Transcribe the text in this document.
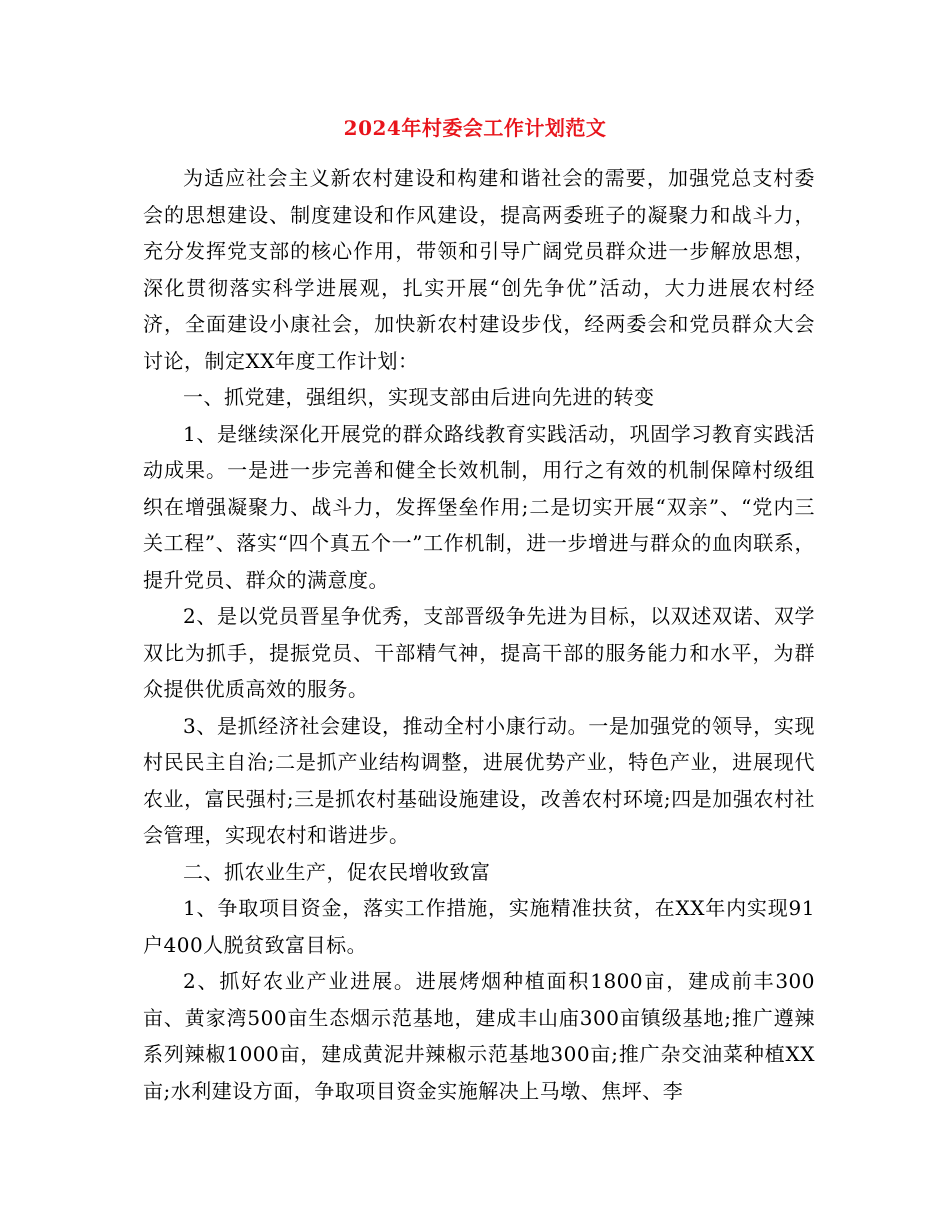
2024年村委会工作计划范文

为适应社会主义新农村建设和构建和谐社会的需要，加强党总支村委会的思想建设、制度建设和作风建设，提高两委班子的凝聚力和战斗力，充分发挥党支部的核心作用，带领和引导广阔党员群众进一步解放思想，深化贯彻落实科学进展观，扎实开展“创先争优”活动，大力进展农村经济，全面建设小康社会，加快新农村建设步伐，经两委会和党员群众大会讨论，制定XX年度工作计划：

一、抓党建，强组织，实现支部由后进向先进的转变

1、是继续深化开展党的群众路线教育实践活动，巩固学习教育实践活动成果。一是进一步完善和健全长效机制，用行之有效的机制保障村级组织在增强凝聚力、战斗力，发挥堡垒作用;二是切实开展“双亲”、“党内三关工程”、落实“四个真五个一”工作机制，进一步增进与群众的血肉联系，提升党员、群众的满意度。

2、是以党员晋星争优秀，支部晋级争先进为目标，以双述双诺、双学双比为抓手，提振党员、干部精气神，提高干部的服务能力和水平，为群众提供优质高效的服务。

3、是抓经济社会建设，推动全村小康行动。一是加强党的领导，实现村民民主自治;二是抓产业结构调整，进展优势产业，特色产业，进展现代农业，富民强村;三是抓农村基础设施建设，改善农村环境;四是加强农村社会管理，实现农村和谐进步。

二、抓农业生产，促农民增收致富

1、争取项目资金，落实工作措施，实施精准扶贫，在XX年内实现91户400人脱贫致富目标。

2、抓好农业产业进展。进展烤烟种植面积1800亩，建成前丰300亩、黄家湾500亩生态烟示范基地，建成丰山庙300亩镇级基地;推广遵辣系列辣椒1000亩，建成黄泥井辣椒示范基地300亩;推广杂交油菜种植XX亩;水利建设方面，争取项目资金实施解决上马墩、焦坪、李
